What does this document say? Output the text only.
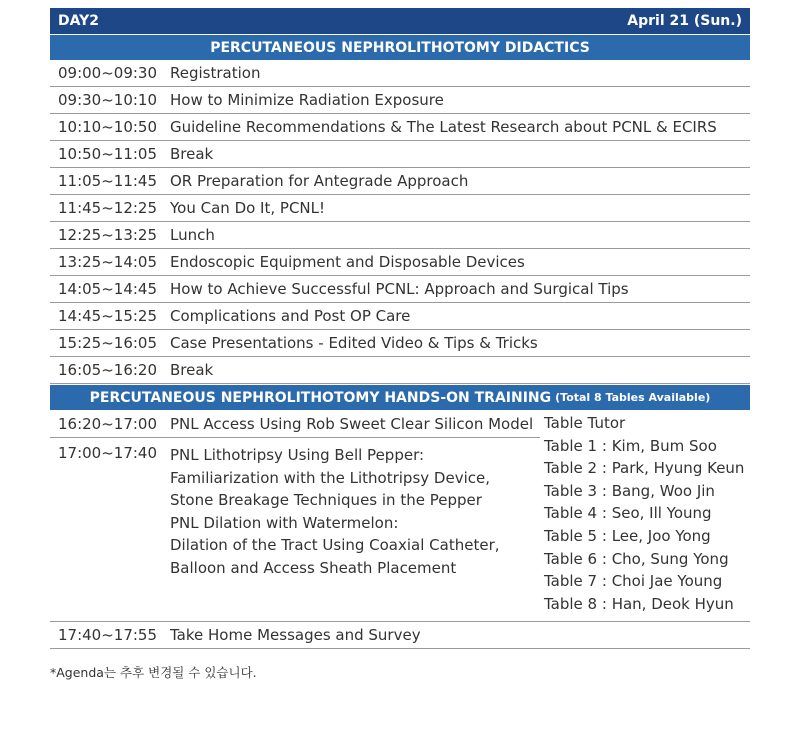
DAY2	April 21 (Sun.)
PERCUTANEOUS NEPHROLITHOTOMY DIDACTICS
09:00~09:30 Registration
09:30~10:10 How to Minimize Radiation Exposure
10:10~10:50 Guideline Recommendations & The Latest Research about PCNL & ECIRS
10:50~11:05 Break
11:05~11:45 OR Preparation for Antegrade Approach
11:45~12:25 You Can Do It, PCNL!
12:25~13:25 Lunch
13:25~14:05 Endoscopic Equipment and Disposable Devices
14:05~14:45 How to Achieve Successful PCNL: Approach and Surgical Tips
14:45~15:25 Complications and Post OP Care
15:25~16:05 Case Presentations - Edited Video & Tips & Tricks
16:05~16:20 Break
PERCUTANEOUS NEPHROLITHOTOMY HANDS-ON TRAINING (Total 8 Tables Available)
16:20~17:00 PNL Access Using Rob Sweet Clear Silicon Model
17:00~17:40 PNL Lithotripsy Using Bell Pepper:
Familiarization with the Lithotripsy Device,
Stone Breakage Techniques in the Pepper
PNL Dilation with Watermelon:
Dilation of the Tract Using Coaxial Catheter,
Balloon and Access Sheath Placement
Table Tutor
Table 1 : Kim, Bum Soo
Table 2 : Park, Hyung Keun
Table 3 : Bang, Woo Jin
Table 4 : Seo, Ill Young
Table 5 : Lee, Joo Yong
Table 6 : Cho, Sung Yong
Table 7 : Choi Jae Young
Table 8 : Han, Deok Hyun
17:40~17:55 Take Home Messages and Survey
*Agenda는 추후 변경될 수 있습니다.
